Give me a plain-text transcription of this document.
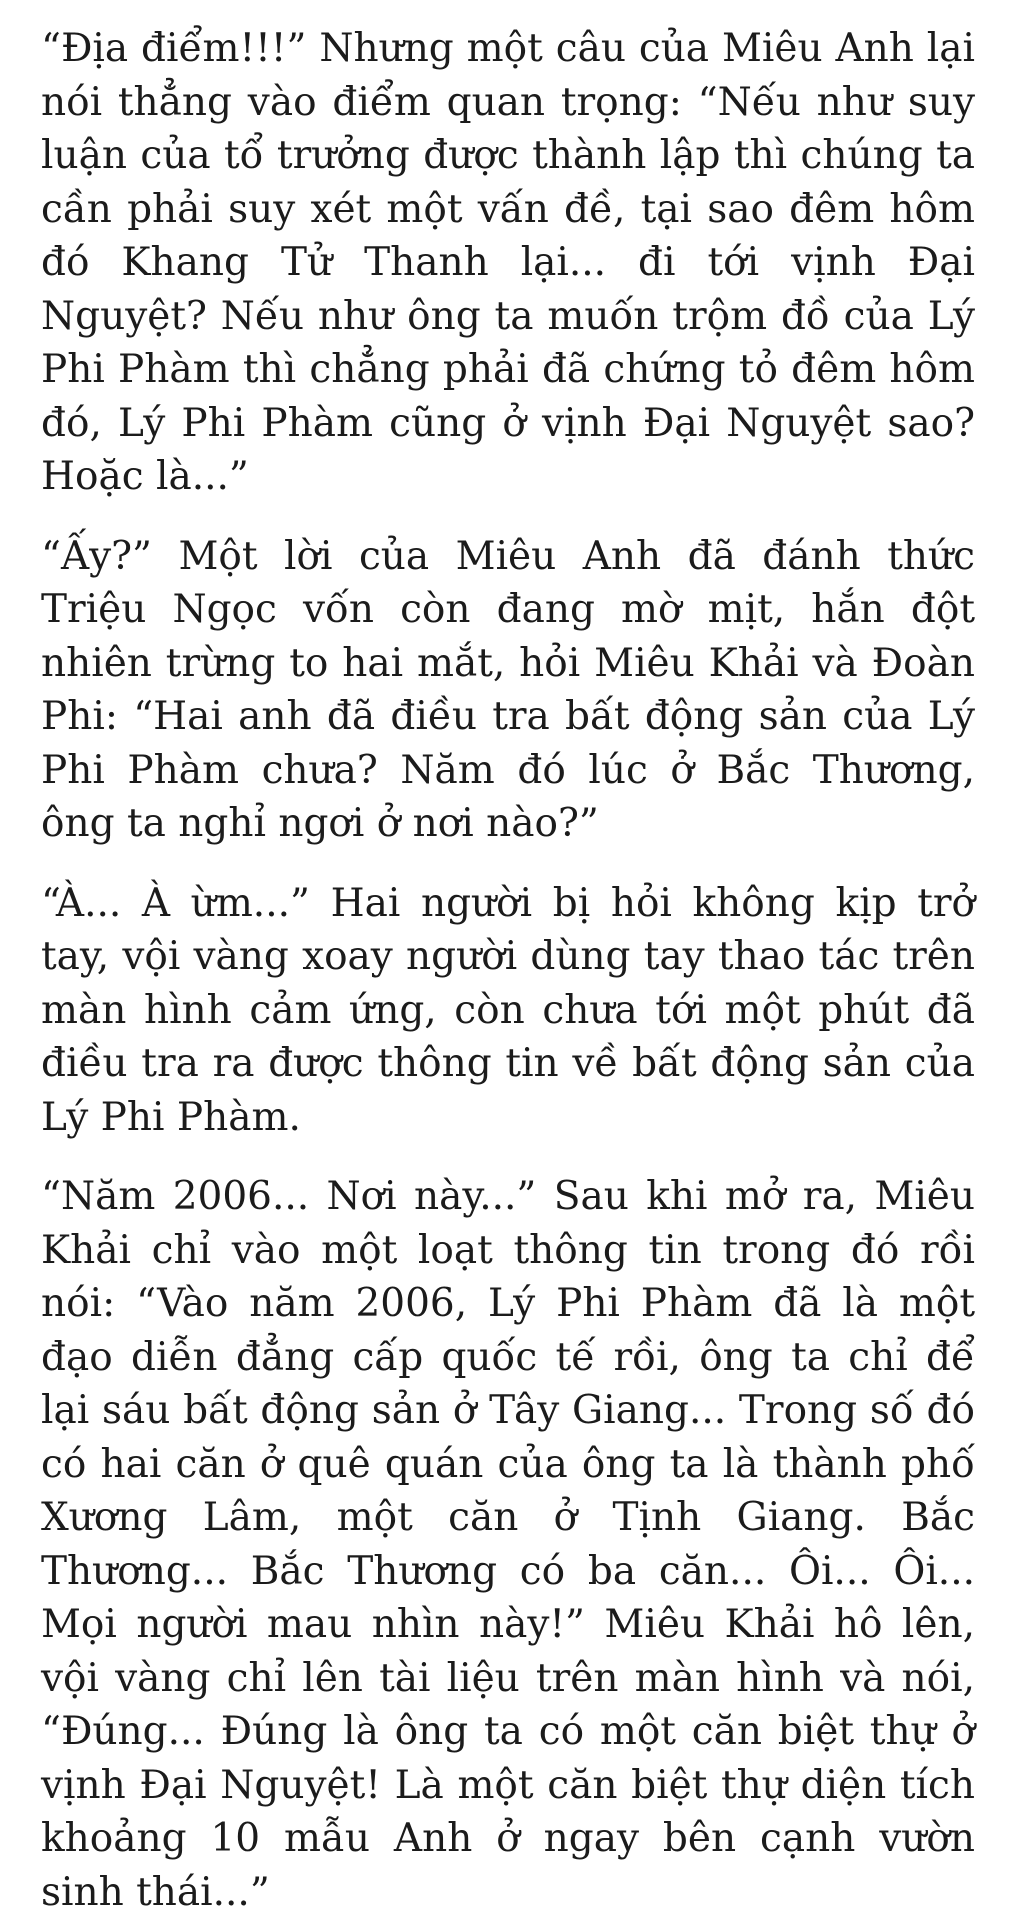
“Địa điểm!!!” Nhưng một câu của Miêu Anh lại nói thẳng vào điểm quan trọng: “Nếu như suy luận của tổ trưởng được thành lập thì chúng ta cần phải suy xét một vấn đề, tại sao đêm hôm đó Khang Tử Thanh lại... đi tới vịnh Đại Nguyệt? Nếu như ông ta muốn trộm đồ của Lý Phi Phàm thì chẳng phải đã chứng tỏ đêm hôm đó, Lý Phi Phàm cũng ở vịnh Đại Nguyệt sao? Hoặc là...”

“Ấy?” Một lời của Miêu Anh đã đánh thức Triệu Ngọc vốn còn đang mờ mịt, hắn đột nhiên trừng to hai mắt, hỏi Miêu Khải và Đoàn Phi: “Hai anh đã điều tra bất động sản của Lý Phi Phàm chưa? Năm đó lúc ở Bắc Thương, ông ta nghỉ ngơi ở nơi nào?”

“À... À ừm...” Hai người bị hỏi không kịp trở tay, vội vàng xoay người dùng tay thao tác trên màn hình cảm ứng, còn chưa tới một phút đã điều tra ra được thông tin về bất động sản của Lý Phi Phàm.

“Năm 2006... Nơi này...” Sau khi mở ra, Miêu Khải chỉ vào một loạt thông tin trong đó rồi nói: “Vào năm 2006, Lý Phi Phàm đã là một đạo diễn đẳng cấp quốc tế rồi, ông ta chỉ để lại sáu bất động sản ở Tây Giang... Trong số đó có hai căn ở quê quán của ông ta là thành phố Xương Lâm, một căn ở Tịnh Giang. Bắc Thương... Bắc Thương có ba căn... Ôi... Ôi... Mọi người mau nhìn này!” Miêu Khải hô lên, vội vàng chỉ lên tài liệu trên màn hình và nói, “Đúng... Đúng là ông ta có một căn biệt thự ở vịnh Đại Nguyệt! Là một căn biệt thự diện tích khoảng 10 mẫu Anh ở ngay bên cạnh vườn sinh thái...”
